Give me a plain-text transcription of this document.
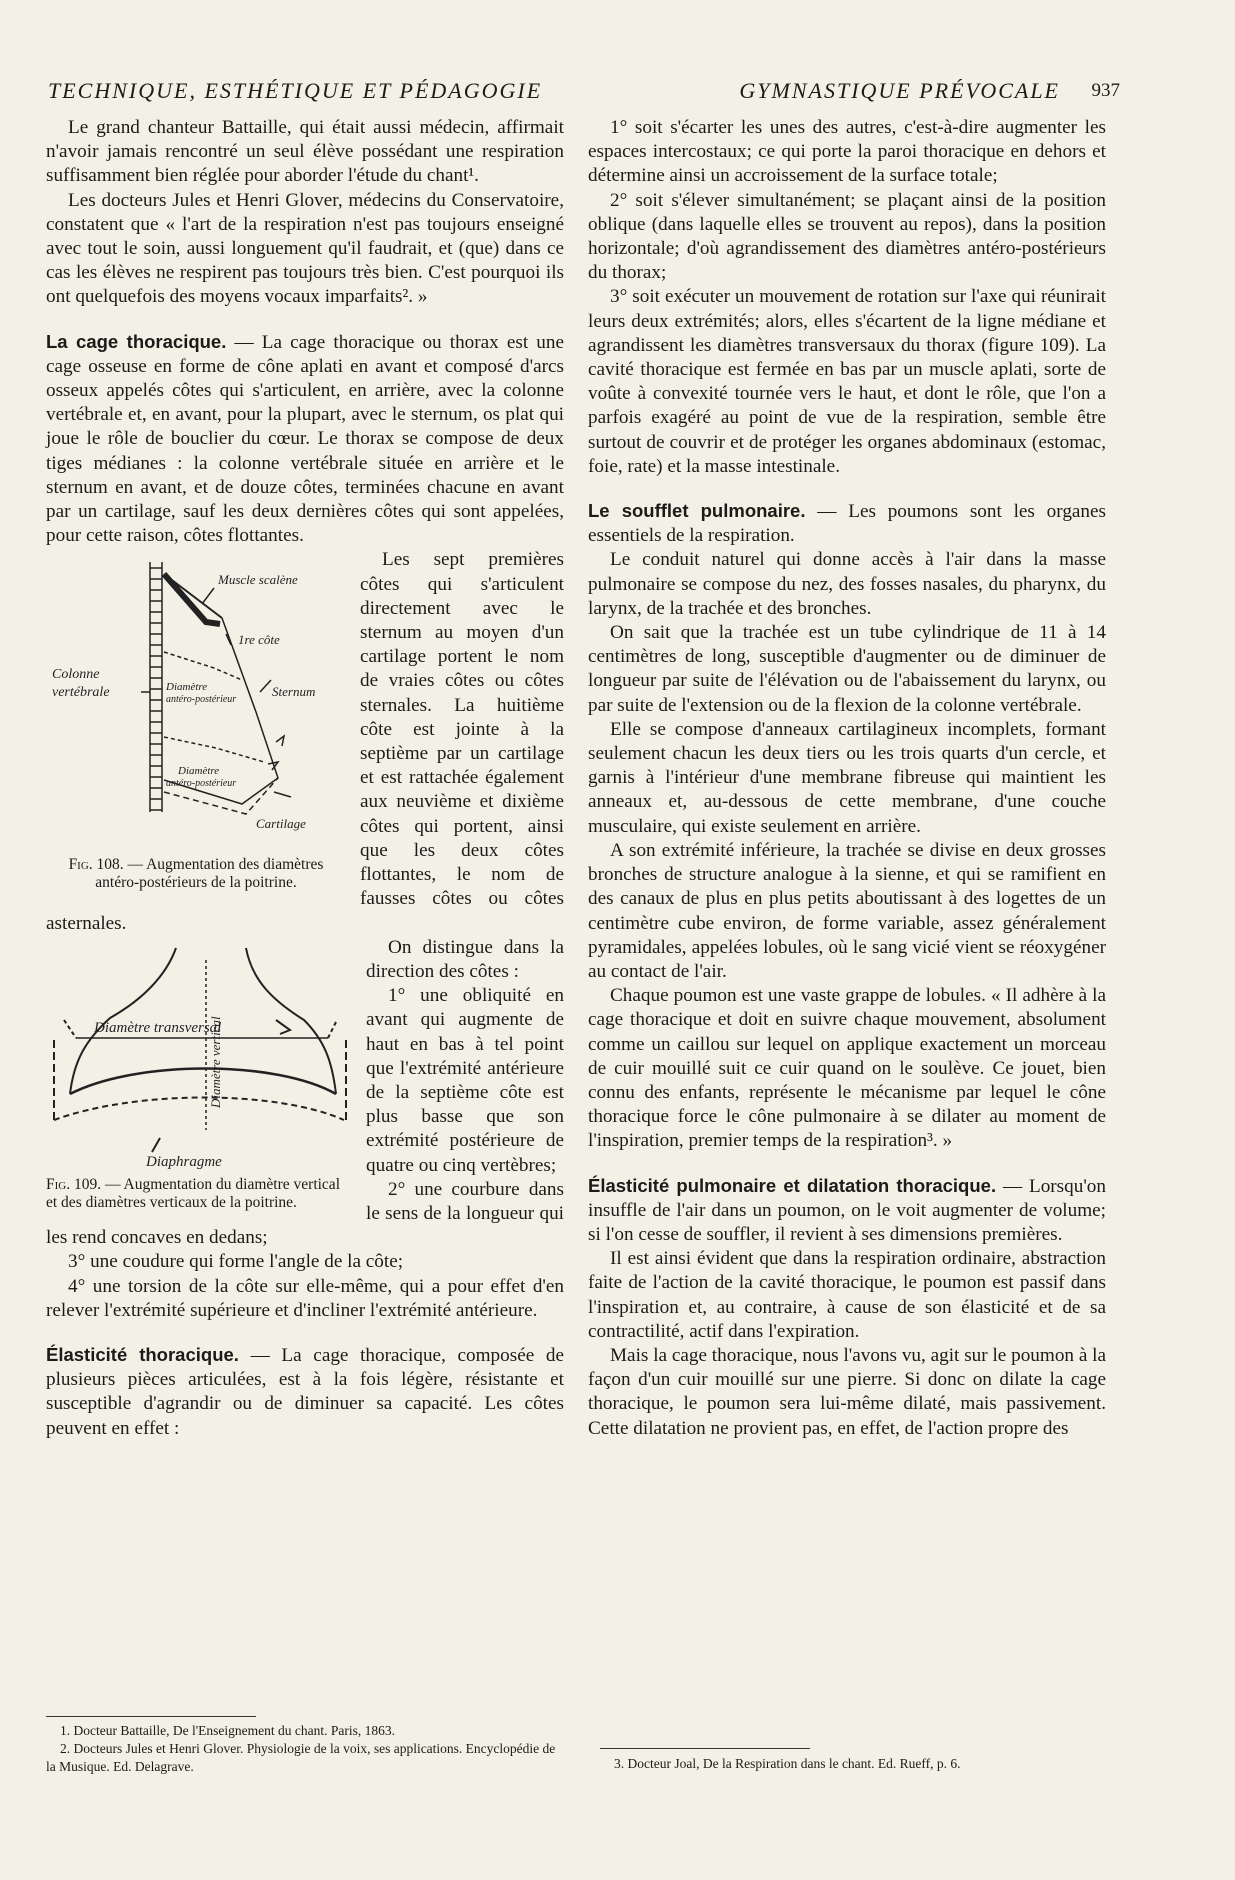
TECHNIQUE, ESTHÉTIQUE ET PÉDAGOGIE	GYMNASTIQUE PRÉVOCALE 937

Le grand chanteur Battaille, qui était aussi médecin, affirmait n'avoir jamais rencontré un seul élève possédant une respiration suffisamment bien réglée pour aborder l'étude du chant¹.

Les docteurs Jules et Henri Glover, médecins du Conservatoire, constatent que « l'art de la respiration n'est pas toujours enseigné avec tout le soin, aussi longuement qu'il faudrait, et (que) dans ce cas les élèves ne respirent pas toujours très bien. C'est pourquoi ils ont quelquefois des moyens vocaux imparfaits². »

La cage thoracique. — La cage thoracique ou thorax est une cage osseuse en forme de cône aplati en avant et composé d'arcs osseux appelés côtes qui s'articulent, en arrière, avec la colonne vertébrale et, en avant, pour la plupart, avec le sternum, os plat qui joue le rôle de bouclier du cœur. Le thorax se compose de deux tiges médianes : la colonne vertébrale située en arrière et le sternum en avant, et de douze côtes, terminées chacune en avant par un cartilage, sauf les deux dernières côtes qui sont appelées, pour cette raison, côtes flottantes.

Muscle scalène
1re côte
Colonne
vertébrale	Sternum
Diamètre
antéro-postérieur
Diamètre
antéro-postérieur
Cartilage
Fig. 108. — Augmentation des diamètres antéro-postérieurs de la poitrine.

Les sept premières côtes qui s'articulent directement avec le sternum au moyen d'un cartilage portent le nom de vraies côtes ou côtes sternales. La huitième côte est jointe à la septième par un cartilage et est rattachée également aux neuvième et dixième côtes qui portent, ainsi que les deux côtes flottantes, le nom de fausses côtes ou côtes asternales.

Diamètre transversal
Diamètre vertical
Diaphragme
Fig. 109. — Augmentation du diamètre vertical et des diamètres verticaux de la poitrine.

On distingue dans la direction des côtes :

1° une obliquité en avant qui augmente de haut en bas à tel point que l'extrémité antérieure de la septième côte est plus basse que son extrémité postérieure de quatre ou cinq vertèbres;

2° une courbure dans le sens de la longueur qui les rend concaves en dedans;

3° une coudure qui forme l'angle de la côte;

4° une torsion de la côte sur elle-même, qui a pour effet d'en relever l'extrémité supérieure et d'incliner l'extrémité antérieure.

Élasticité thoracique. — La cage thoracique, composée de plusieurs pièces articulées, est à la fois légère, résistante et susceptible d'agrandir ou de diminuer sa capacité. Les côtes peuvent en effet :

1° soit s'écarter les unes des autres, c'est-à-dire augmenter les espaces intercostaux; ce qui porte la paroi thoracique en dehors et détermine ainsi un accroissement de la surface totale;

2° soit s'élever simultanément; se plaçant ainsi de la position oblique (dans laquelle elles se trouvent au repos), dans la position horizontale; d'où agrandissement des diamètres antéro-postérieurs du thorax;

3° soit exécuter un mouvement de rotation sur l'axe qui réunirait leurs deux extrémités; alors, elles s'écartent de la ligne médiane et agrandissent les diamètres transversaux du thorax (figure 109). La cavité thoracique est fermée en bas par un muscle aplati, sorte de voûte à convexité tournée vers le haut, et dont le rôle, que l'on a parfois exagéré au point de vue de la respiration, semble être surtout de couvrir et de protéger les organes abdominaux (estomac, foie, rate) et la masse intestinale.

Le soufflet pulmonaire. — Les poumons sont les organes essentiels de la respiration.

Le conduit naturel qui donne accès à l'air dans la masse pulmonaire se compose du nez, des fosses nasales, du pharynx, du larynx, de la trachée et des bronches.

On sait que la trachée est un tube cylindrique de 11 à 14 centimètres de long, susceptible d'augmenter ou de diminuer de longueur par suite de l'élévation ou de l'abaissement du larynx, ou par suite de l'extension ou de la flexion de la colonne vertébrale.

Elle se compose d'anneaux cartilagineux incomplets, formant seulement chacun les deux tiers ou les trois quarts d'un cercle, et garnis à l'intérieur d'une membrane fibreuse qui maintient les anneaux et, au-dessous de cette membrane, d'une couche musculaire, qui existe seulement en arrière.

A son extrémité inférieure, la trachée se divise en deux grosses bronches de structure analogue à la sienne, et qui se ramifient en des canaux de plus en plus petits aboutissant à des logettes de un centimètre cube environ, de forme variable, assez généralement pyramidales, appelées lobules, où le sang vicié vient se réoxygéner au contact de l'air.

Chaque poumon est une vaste grappe de lobules. « Il adhère à la cage thoracique et doit en suivre chaque mouvement, absolument comme un caillou sur lequel on applique exactement un morceau de cuir mouillé suit ce cuir quand on le soulève. Ce jouet, bien connu des enfants, représente le mécanisme par lequel le cône thoracique force le cône pulmonaire à se dilater au moment de l'inspiration, premier temps de la respiration³. »

Élasticité pulmonaire et dilatation thoracique. — Lorsqu'on insuffle de l'air dans un poumon, on le voit augmenter de volume; si l'on cesse de souffler, il revient à ses dimensions premières.

Il est ainsi évident que dans la respiration ordinaire, abstraction faite de l'action de la cavité thoracique, le poumon est passif dans l'inspiration et, au contraire, à cause de son élasticité et de sa contractilité, actif dans l'expiration.

Mais la cage thoracique, nous l'avons vu, agit sur le poumon à la façon d'un cuir mouillé sur une pierre. Si donc on dilate la cage thoracique, le poumon sera lui-même dilaté, mais passivement. Cette dilatation ne provient pas, en effet, de l'action propre des

1. Docteur Battaille, De l'Enseignement du chant. Paris, 1863.

2. Docteurs Jules et Henri Glover. Physiologie de la voix, ses applications. Encyclopédie de la Musique. Ed. Delagrave.	3. Docteur Joal, De la Respiration dans le chant. Ed. Rueff, p. 6.
